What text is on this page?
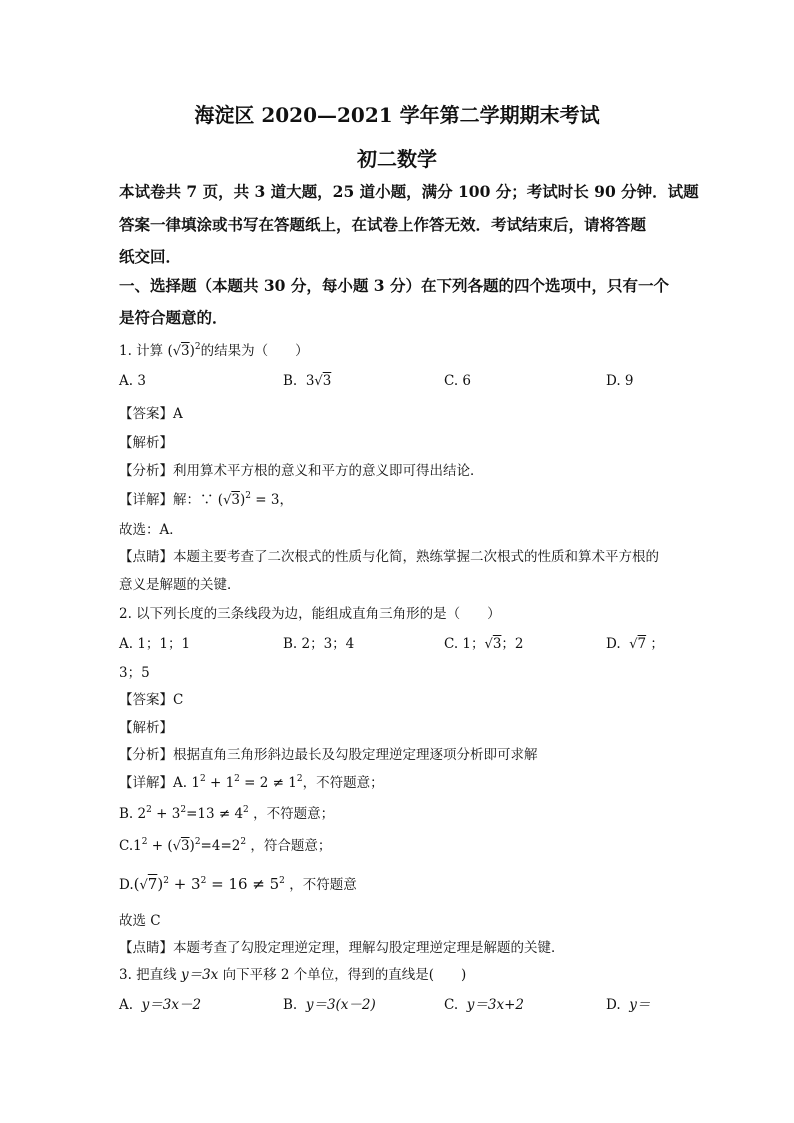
海淀区 2020—2021 学年第二学期期末考试
初二数学
本试卷共 7 页，共 3 道大题，25 道小题，满分 100 分；考试时长 90 分钟．试题
答案一律填涂或书写在答题纸上，在试卷上作答无效．考试结束后，请将答题
纸交回．
一、选择题（本题共 30 分，每小题 3 分）在下列各题的四个选项中，只有一个
是符合题意的．
1. 计算 $(√3)^2$的结果为（　　）
A. 3	B. 3√3	C. 6	D. 9
【答案】A
【解析】
【分析】利用算术平方根的意义和平方的意义即可得出结论．
【详解】解：∵ $(√3)^2 = 3$，
故选：A．
【点睛】本题主要考查了二次根式的性质与化简，熟练掌握二次根式的性质和算术平方根的
意义是解题的关键．
2. 以下列长度的三条线段为边，能组成直角三角形的是（　　）
A. 1；1；1	B. 2；3；4	C. 1；√3；2	D. √7 ；
3；5
【答案】C
【解析】
【分析】根据直角三角形斜边最长及勾股定理逆定理逐项分析即可求解
【详解】A. $1^2 + 1^2 = 2 \ne 1^2$，不符题意；
B. $2^2 + 3^2=13 \ne 4^2$ ，不符题意；
$C.1^2 + (√3)^2=4=2^2$ ，符合题意；
$D.(√7)^2 + 3^2 = 16 \ne 5^2$ ，不符题意
故选 C
【点睛】本题考查了勾股定理逆定理，理解勾股定理逆定理是解题的关键．
3. 把直线 y＝3x 向下平移 2 个单位，得到的直线是(　　)
A. y＝3x－2	B. y＝3(x－2)	C. y＝3x+2	D. y＝
